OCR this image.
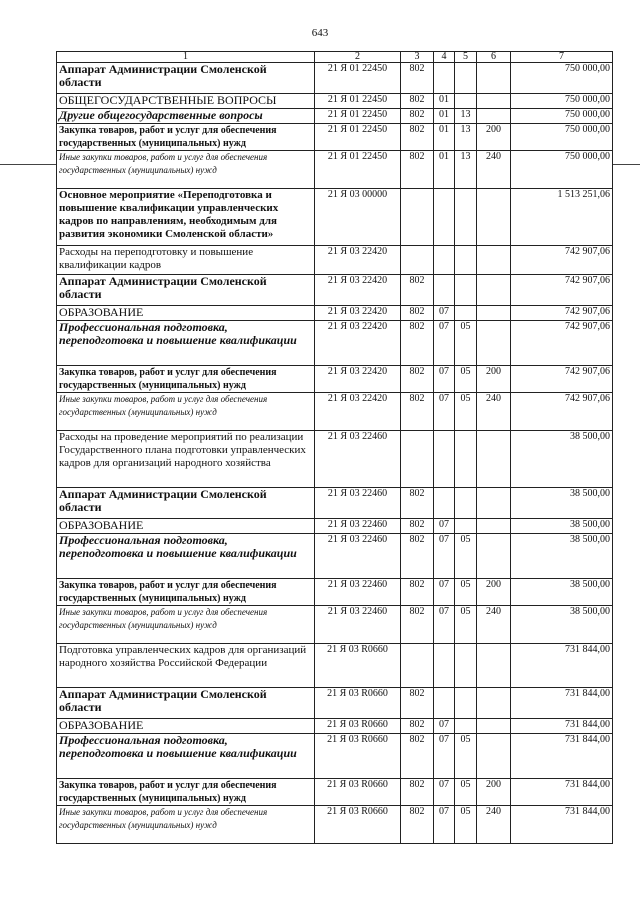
643
1	2	3	4	5	6	7
Аппарат Администрации Смоленской области	21 Я 01 22450	802				750 000,00
ОБЩЕГОСУДАРСТВЕННЫЕ ВОПРОСЫ	21 Я 01 22450	802	01			750 000,00
Другие общегосударственные вопросы	21 Я 01 22450	802	01	13		750 000,00
Закупка товаров, работ и услуг для обеспечения государственных (муниципальных) нужд	21 Я 01 22450	802	01	13	200	750 000,00
Иные закупки товаров, работ и услуг для обеспечения государственных (муниципальных) нужд	21 Я 01 22450	802	01	13	240	750 000,00
Основное мероприятие «Переподготовка и повышение квалификации управленческих кадров по направлениям, необходимым для развития экономики Смоленской области»	21 Я 03 00000					1 513 251,06
Расходы на переподготовку и повышение квалификации кадров	21 Я 03 22420					742 907,06
Аппарат Администрации Смоленской области	21 Я 03 22420	802				742 907,06
ОБРАЗОВАНИЕ	21 Я 03 22420	802	07			742 907,06
Профессиональная подготовка, переподготовка и повышение квалификации	21 Я 03 22420	802	07	05		742 907,06
Закупка товаров, работ и услуг для обеспечения государственных (муниципальных) нужд	21 Я 03 22420	802	07	05	200	742 907,06
Иные закупки товаров, работ и услуг для обеспечения государственных (муниципальных) нужд	21 Я 03 22420	802	07	05	240	742 907,06
Расходы на проведение мероприятий по реализации Государственного плана подготовки управленческих кадров для организаций народного хозяйства	21 Я 03 22460					38 500,00
Аппарат Администрации Смоленской области	21 Я 03 22460	802				38 500,00
ОБРАЗОВАНИЕ	21 Я 03 22460	802	07			38 500,00
Профессиональная подготовка, переподготовка и повышение квалификации	21 Я 03 22460	802	07	05		38 500,00
Закупка товаров, работ и услуг для обеспечения государственных (муниципальных) нужд	21 Я 03 22460	802	07	05	200	38 500,00
Иные закупки товаров, работ и услуг для обеспечения государственных (муниципальных) нужд	21 Я 03 22460	802	07	05	240	38 500,00
Подготовка управленческих кадров для организаций народного хозяйства Российской Федерации	21 Я 03 R0660					731 844,00
Аппарат Администрации Смоленской области	21 Я 03 R0660	802				731 844,00
ОБРАЗОВАНИЕ	21 Я 03 R0660	802	07			731 844,00
Профессиональная подготовка, переподготовка и повышение квалификации	21 Я 03 R0660	802	07	05		731 844,00
Закупка товаров, работ и услуг для обеспечения государственных (муниципальных) нужд	21 Я 03 R0660	802	07	05	200	731 844,00
Иные закупки товаров, работ и услуг для обеспечения государственных (муниципальных) нужд	21 Я 03 R0660	802	07	05	240	731 844,00
